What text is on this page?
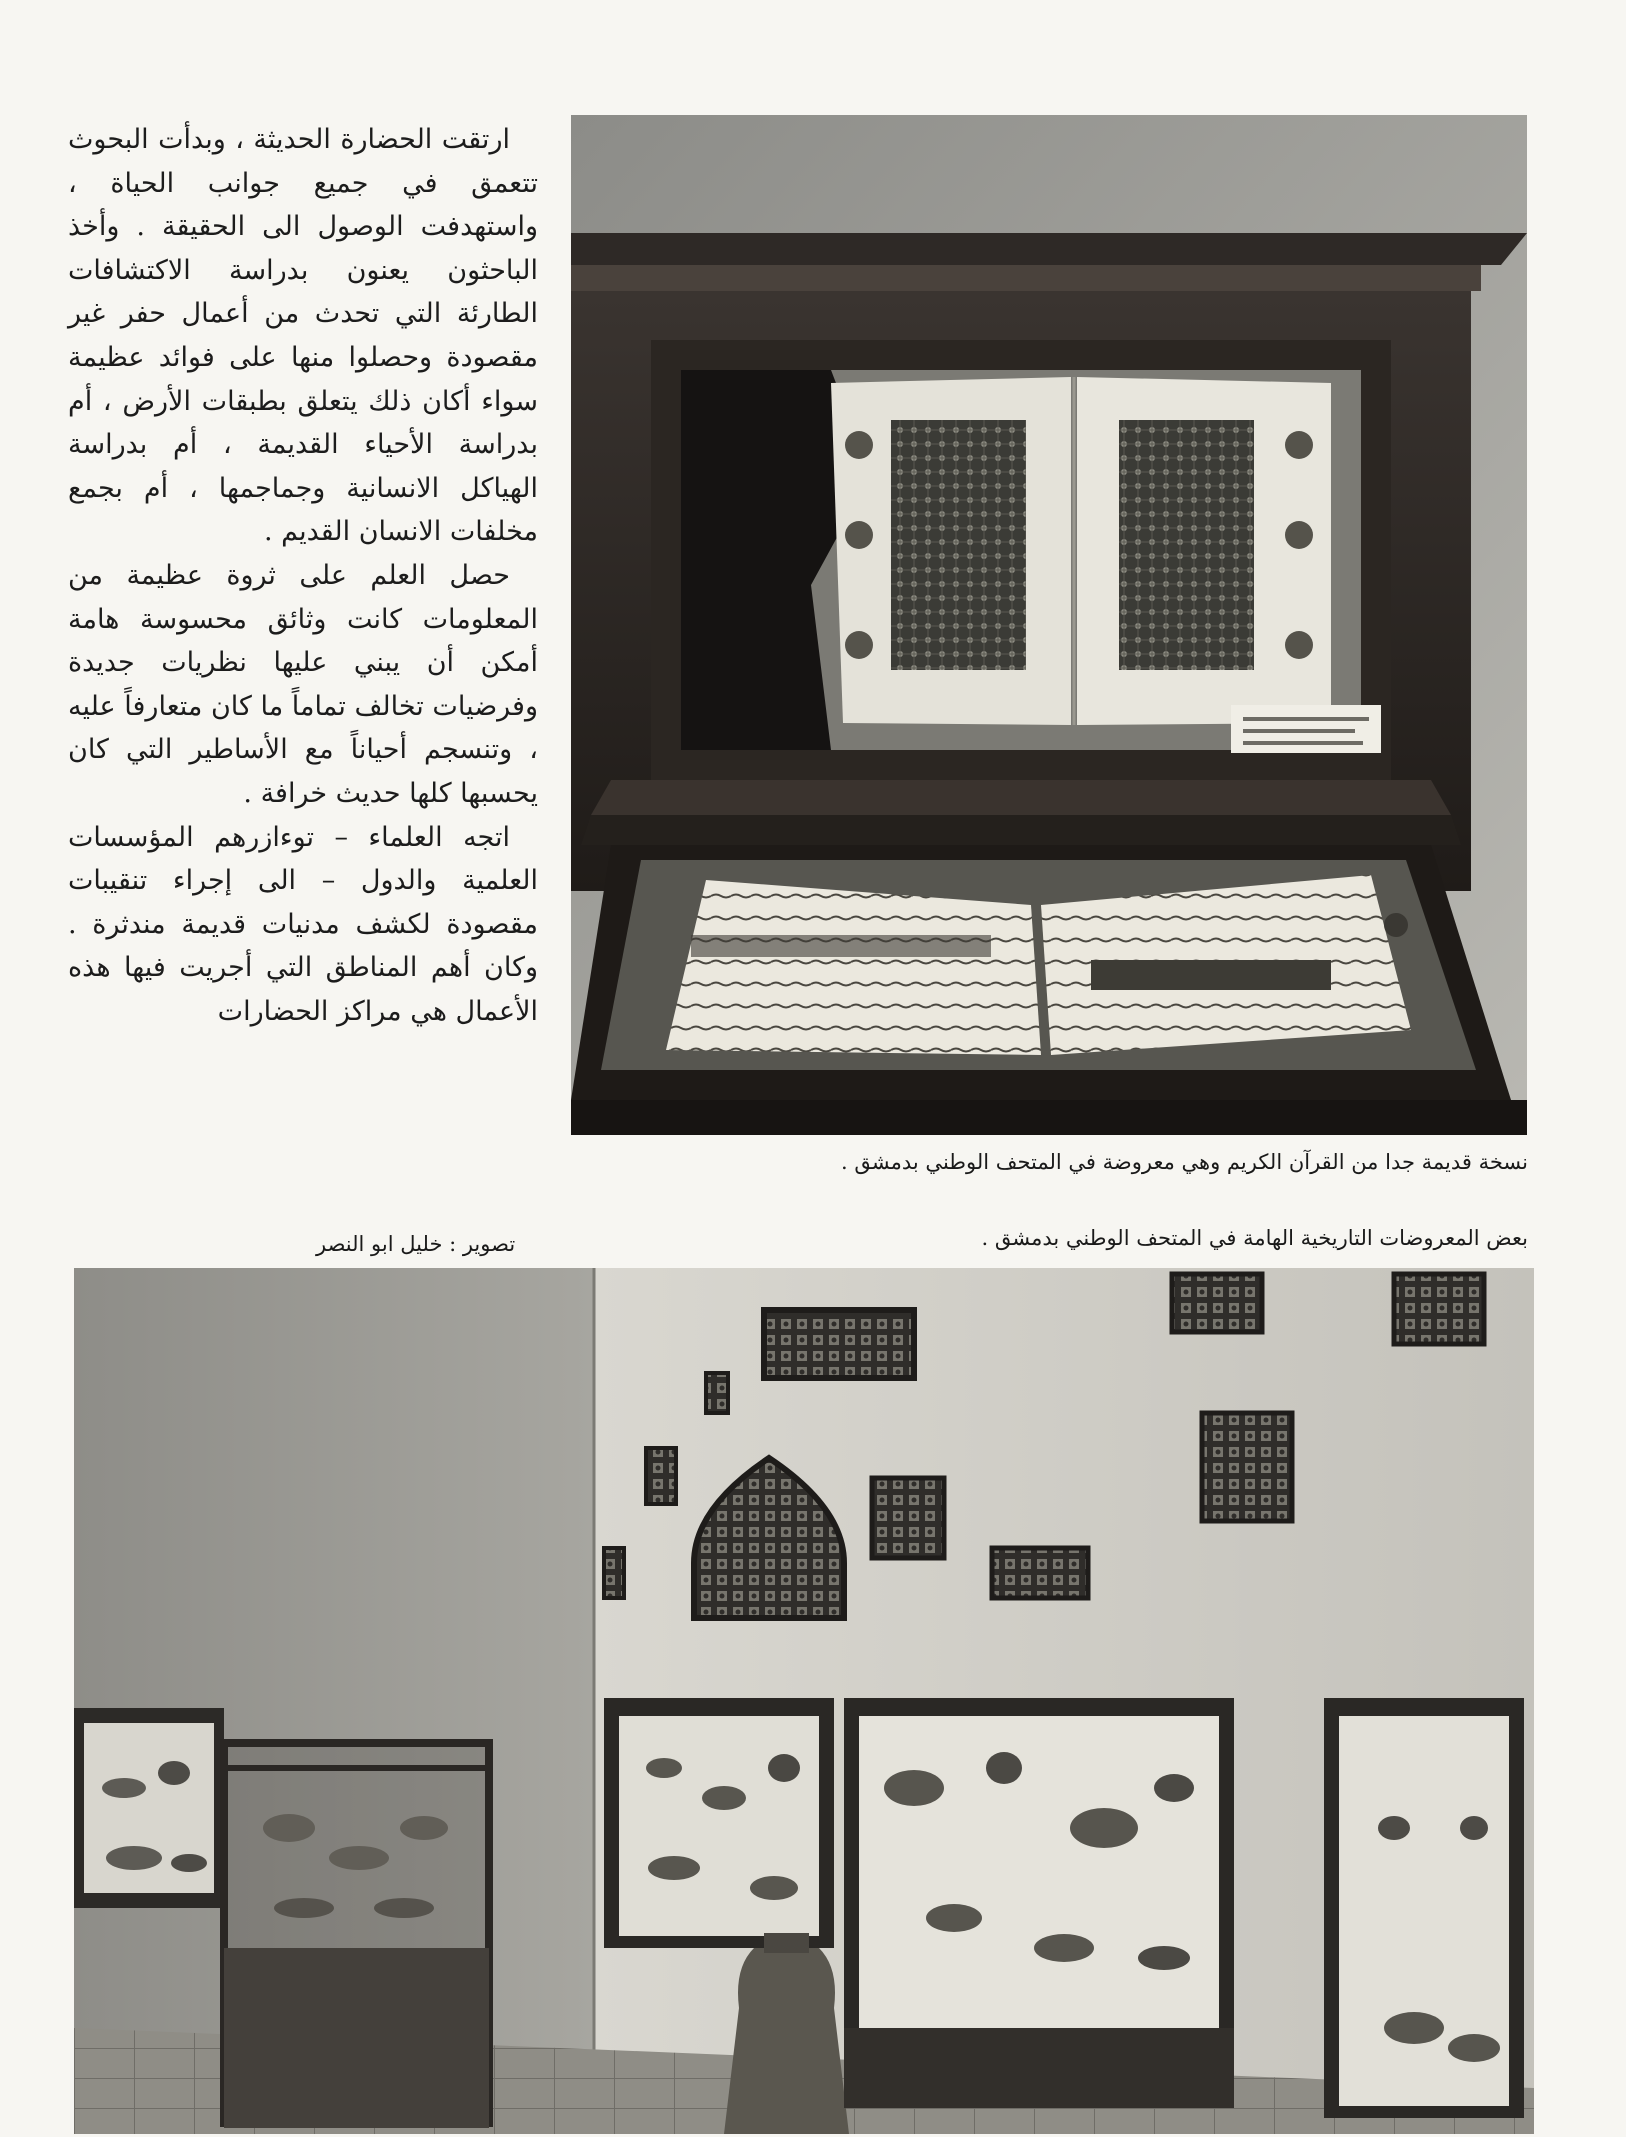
ارتقت الحضارة الحديثة ، وبدأت البحوث تتعمق في جميع جوانب الحياة ، واستهدفت الوصول الى الحقيقة . وأخذ الباحثون يعنون بدراسة الاكتشافات الطارئة التي تحدث من أعمال حفر غير مقصودة وحصلوا منها على فوائد عظيمة سواء أكان ذلك يتعلق بطبقات الأرض ، أم بدراسة الأحياء القديمة ، أم بدراسة الهياكل الانسانية وجماجمها ، أم بجمع مخلفات الانسان القديم .

حصل العلم على ثروة عظيمة من المعلومات كانت وثائق محسوسة هامة أمكن أن يبني عليها نظريات جديدة وفرضيات تخالف تماماً ما كان متعارفاً عليه ، وتنسجم أحياناً مع الأساطير التي كان يحسبها كلها حديث خرافة .

اتجه العلماء – توءازرهم المؤسسات العلمية والدول – الى إجراء تنقيبات مقصودة لكشف مدنيات قديمة مندثرة . وكان أهم المناطق التي أجريت فيها هذه الأعمال هي مراكز الحضارات

نسخة قديمة جدا من القرآن الكريم وهي معروضة في المتحف الوطني بدمشق .
بعض المعروضات التاريخية الهامة في المتحف الوطني بدمشق .
تصوير : خليل ابو النصر
